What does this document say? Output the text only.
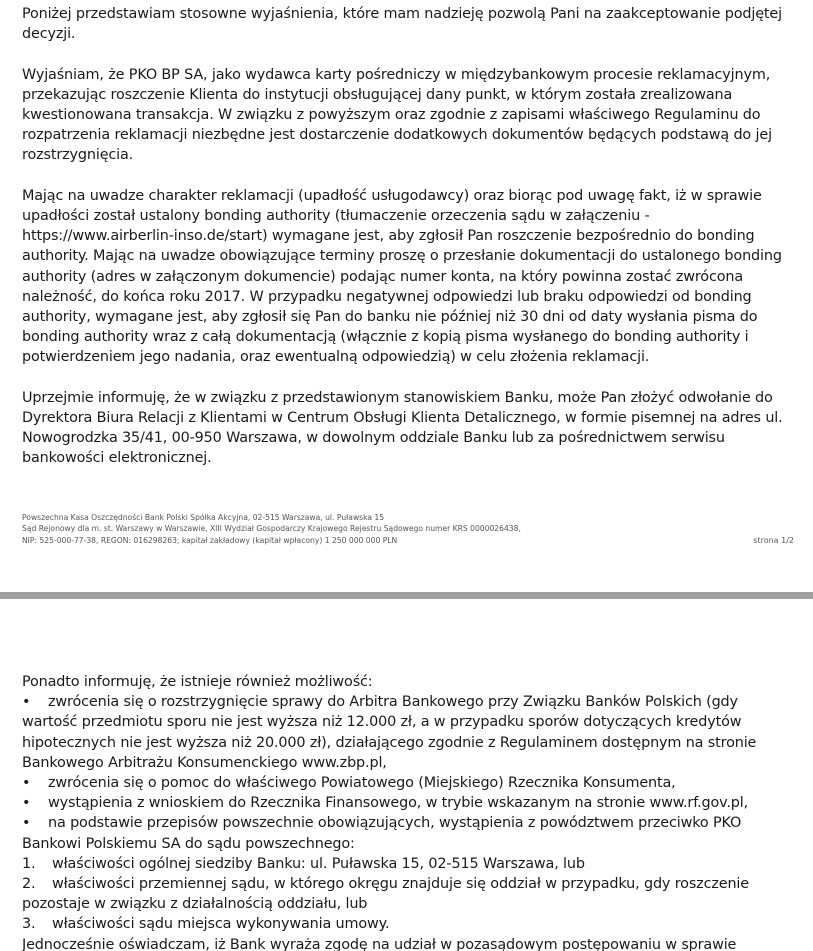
Poniżej przedstawiam stosowne wyjaśnienia, które mam nadzieję pozwolą Pani na zaakceptowanie podjętej
decyzji.

Wyjaśniam, że PKO BP SA, jako wydawca karty pośredniczy w międzybankowym procesie reklamacyjnym,
przekazując roszczenie Klienta do instytucji obsługującej dany punkt, w którym została zrealizowana
kwestionowana transakcja. W związku z powyższym oraz zgodnie z zapisami właściwego Regulaminu do
rozpatrzenia reklamacji niezbędne jest dostarczenie dodatkowych dokumentów będących podstawą do jej
rozstrzygnięcia.

Mając na uwadze charakter reklamacji (upadłość usługodawcy) oraz biorąc pod uwagę fakt, iż w sprawie
upadłości został ustalony bonding authority (tłumaczenie orzeczenia sądu w załączeniu -
https://www.airberlin-inso.de/start) wymagane jest, aby zgłosił Pan roszczenie bezpośrednio do bonding
authority. Mając na uwadze obowiązujące terminy proszę o przesłanie dokumentacji do ustalonego bonding
authority (adres w załączonym dokumencie) podając numer konta, na który powinna zostać zwrócona
należność, do końca roku 2017. W przypadku negatywnej odpowiedzi lub braku odpowiedzi od bonding
authority, wymagane jest, aby zgłosił się Pan do banku nie później niż 30 dni od daty wysłania pisma do
bonding authority wraz z całą dokumentacją (włącznie z kopią pisma wysłanego do bonding authority i
potwierdzeniem jego nadania, oraz ewentualną odpowiedzią) w celu złożenia reklamacji.

Uprzejmie informuję, że w związku z przedstawionym stanowiskiem Banku, może Pan złożyć odwołanie do
Dyrektora Biura Relacji z Klientami w Centrum Obsługi Klienta Detalicznego, w formie pisemnej na adres ul.
Nowogrodzka 35/41, 00-950 Warszawa, w dowolnym oddziale Banku lub za pośrednictwem serwisu
bankowości elektronicznej.

Powszechna Kasa Oszczędności Bank Polski Spółka Akcyjna, 02-515 Warszawa, ul. Puławska 15
Sąd Rejonowy dla m. st. Warszawy w Warszawie, XIII Wydział Gospodarczy Krajowego Rejestru Sądowego numer KRS 0000026438,
NIP: 525-000-77-38, REGON: 016298263; kapitał zakładowy (kapitał wpłacony) 1 250 000 000 PLN	strona 1/2
Ponadto informuję, że istnieje również możliwość:
• zwrócenia się o rozstrzygnięcie sprawy do Arbitra Bankowego przy Związku Banków Polskich (gdy
wartość przedmiotu sporu nie jest wyższa niż 12.000 zł, a w przypadku sporów dotyczących kredytów
hipotecznych nie jest wyższa niż 20.000 zł), działającego zgodnie z Regulaminem dostępnym na stronie
Bankowego Arbitrażu Konsumenckiego www.zbp.pl,
• zwrócenia się o pomoc do właściwego Powiatowego (Miejskiego) Rzecznika Konsumenta,
• wystąpienia z wnioskiem do Rzecznika Finansowego, w trybie wskazanym na stronie www.rf.gov.pl,
• na podstawie przepisów powszechnie obowiązujących, wystąpienia z powództwem przeciwko PKO
Bankowi Polskiemu SA do sądu powszechnego:
1. właściwości ogólnej siedziby Banku: ul. Puławska 15, 02-515 Warszawa, lub
2. właściwości przemiennej sądu, w którego okręgu znajduje się oddział w przypadku, gdy roszczenie
pozostaje w związku z działalnością oddziału, lub
3. właściwości sądu miejsca wykonywania umowy.
Jednocześnie oświadczam, iż Bank wyraża zgodę na udział w pozasądowym postępowaniu w sprawie
